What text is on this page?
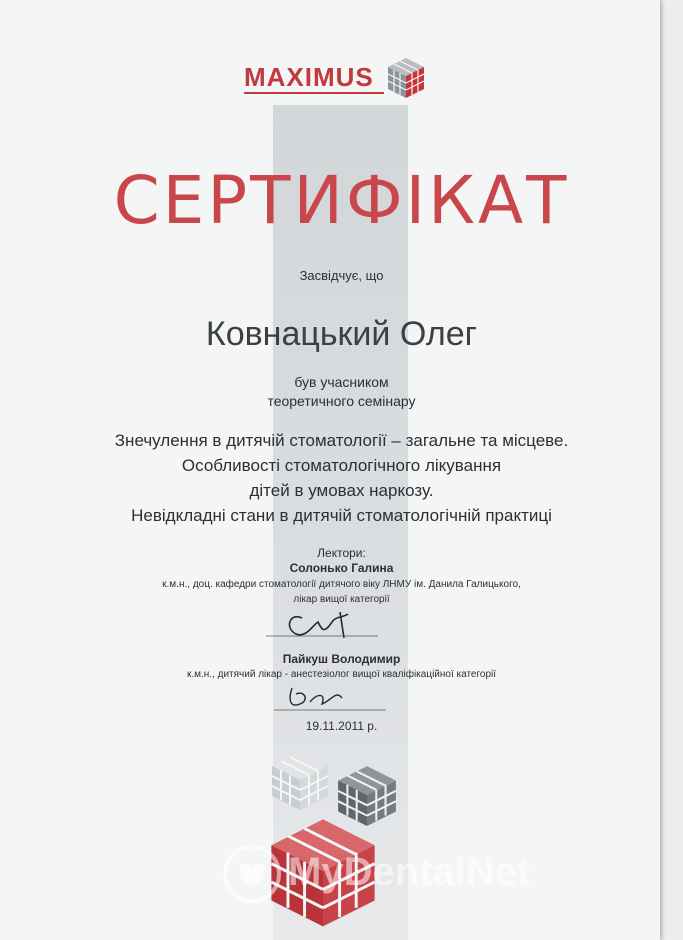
MAXIMUS
СЕРТИФІКАТ
Засвідчує, що
Ковнацький Олег
був учасником
теоретичного семінару
Знечулення в дитячій стоматології – загальне та місцеве.
Особливості стоматологічного лікування
дітей в умовах наркозу.
Невідкладні стани в дитячій стоматологічній практиці
Лектори:
Солонько Галина
к.м.н., доц. кафедри стоматології дитячого віку ЛНМУ ім. Данила Галицького,
лікар вищої категорії
Пайкуш Володимир
к.м.н., дитячий лікар - анестезіолог вищої кваліфікаційної категорії
19.11.2011 р.
MyDentalNet
